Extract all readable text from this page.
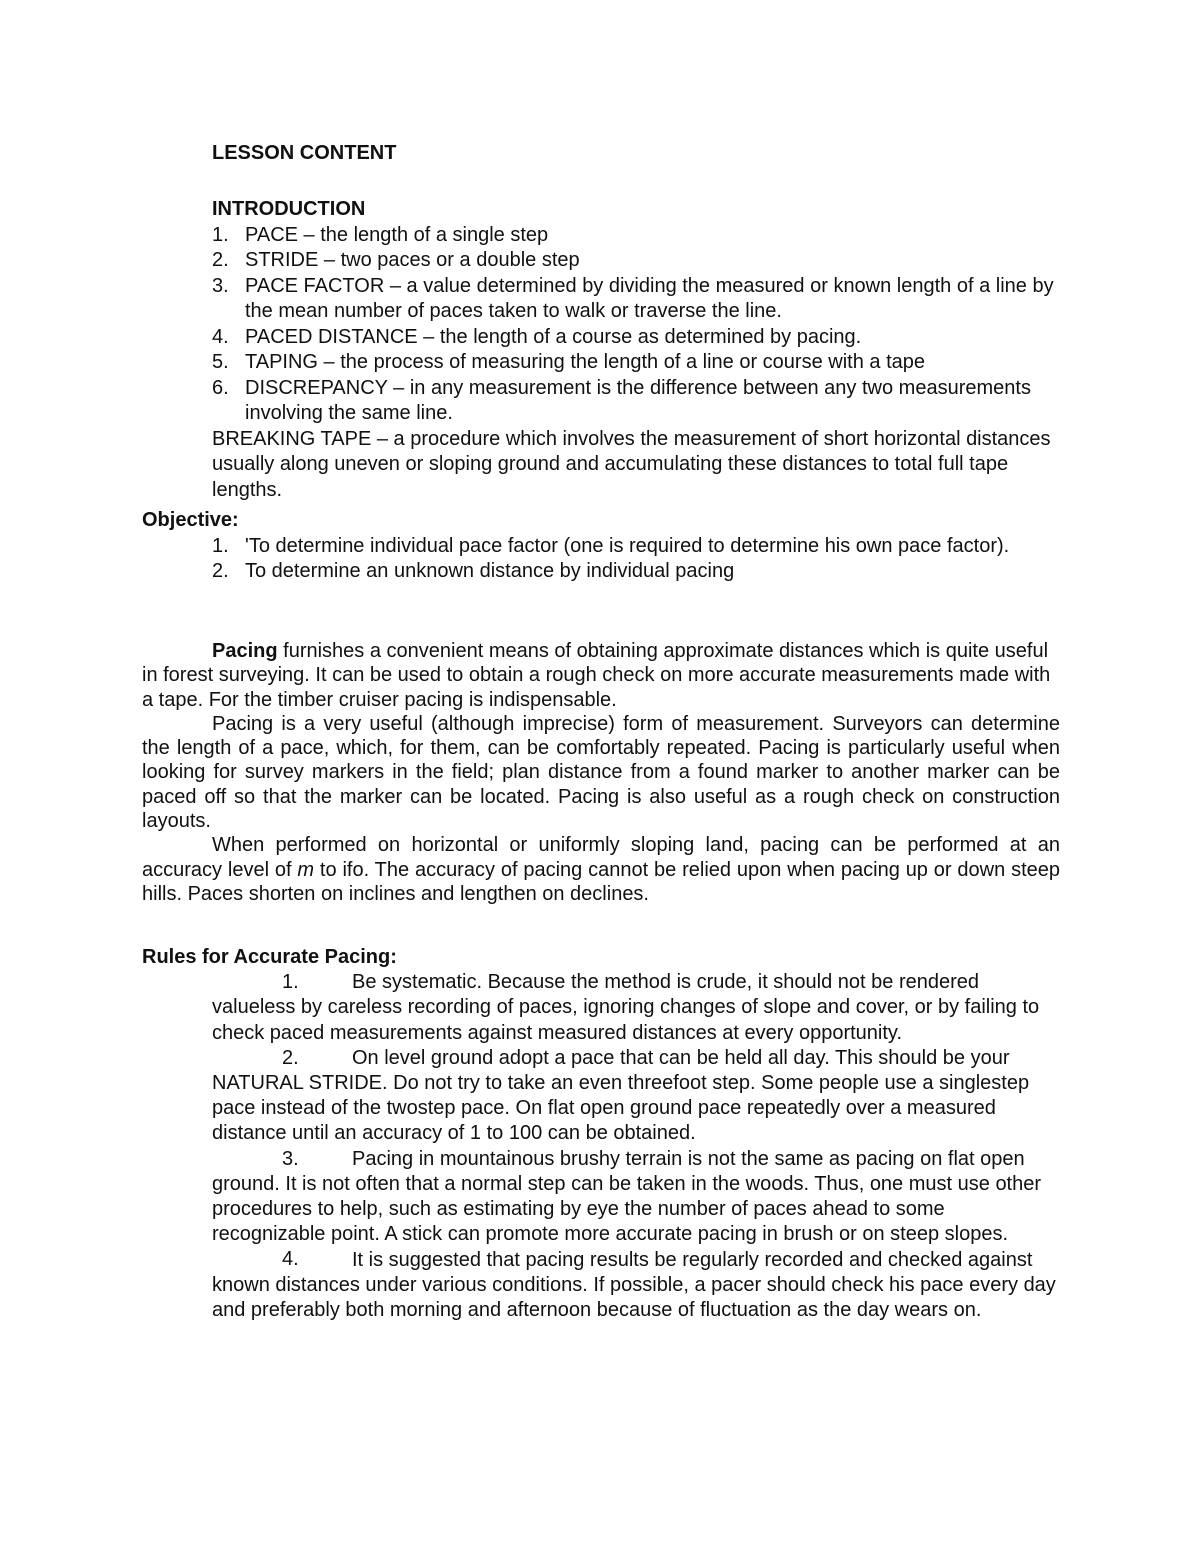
LESSON CONTENT
INTRODUCTION
1. PACE – the length of a single step
2. STRIDE – two paces or a double step
3. PACE FACTOR – a value determined by dividing the measured or known length of a line by the mean number of paces taken to walk or traverse the line.
4. PACED DISTANCE – the length of a course as determined by pacing.
5. TAPING – the process of measuring the length of a line or course with a tape
6. DISCREPANCY – in any measurement is the difference between any two measurements involving the same line.
BREAKING TAPE – a procedure which involves the measurement of short horizontal distances usually along uneven or sloping ground and accumulating these distances to total full tape lengths.
Objective:
1. 'To determine individual pace factor (one is required to determine his own pace factor).
2. To determine an unknown distance by individual pacing

Pacing furnishes a convenient means of obtaining approximate distances which is quite useful in forest surveying. It can be used to obtain a rough check on more accurate measurements made with a tape. For the timber cruiser pacing is indispensable.

Pacing is a very useful (although imprecise) form of measurement. Surveyors can determine the length of a pace, which, for them, can be comfortably repeated. Pacing is particularly useful when looking for survey markers in the field; plan distance from a found marker to another marker can be paced off so that the marker can be located. Pacing is also useful as a rough check on construction layouts.

When performed on horizontal or uniformly sloping land, pacing can be performed at an accuracy level of m to ifo. The accuracy of pacing cannot be relied upon when pacing up or down steep hills. Paces shorten on inclines and lengthen on declines.

Rules for Accurate Pacing:
1.	Be systematic. Because the method is crude, it should not be rendered valueless by careless recording of paces, ignoring changes of slope and cover, or by failing to check paced measurements against measured distances at every opportunity.
2.	On level ground adopt a pace that can be held all day. This should be your NATURAL STRIDE. Do not try to take an even threefoot step. Some people use a singlestep pace instead of the twostep pace. On flat open ground pace repeatedly over a measured distance until an accuracy of 1 to 100 can be obtained.
3.	Pacing in mountainous brushy terrain is not the same as pacing on flat open ground. It is not often that a normal step can be taken in the woods. Thus, one must use other procedures to help, such as estimating by eye the number of paces ahead to some recognizable point. A stick can promote more accurate pacing in brush or on steep slopes.
4.	It is suggested that pacing results be regularly recorded and checked against known distances under various conditions. If possible, a pacer should check his pace every day and preferably both morning and afternoon because of fluctuation as the day wears on.
